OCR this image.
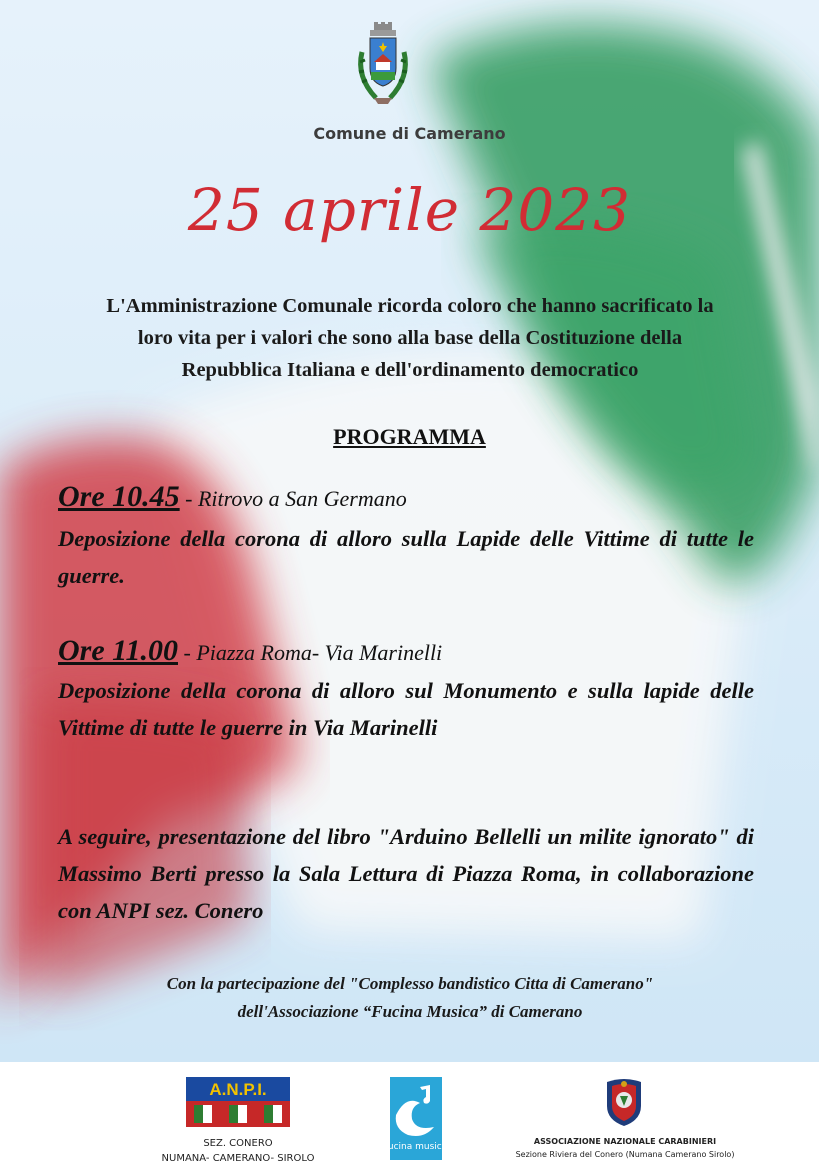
Comune di Camerano
25 aprile 2023
L'Amministrazione Comunale ricorda coloro che hanno sacrificato la
loro vita per i valori che sono alla base della Costituzione della
Repubblica Italiana e dell'ordinamento democratico
PROGRAMMA
Ore 10.45 - Ritrovo a San Germano
Deposizione della corona di alloro sulla Lapide delle Vittime di tutte le guerre.
Ore 11.00 - Piazza Roma- Via Marinelli
Deposizione della corona di alloro sul Monumento e sulla lapide delle Vittime di tutte le guerre in Via Marinelli
A seguire, presentazione del libro "Arduino Bellelli un milite ignorato" di Massimo Berti presso la Sala Lettura di Piazza Roma, in collaborazione con ANPI sez. Conero
Con la partecipazione del "Complesso bandistico Citta di Camerano"
dell'Associazione “Fucina Musica” di Camerano
A.N.P.I.
SEZ. CONERO
NUMANA- CAMERANO- SIROLO
fucina musica
ASSOCIAZIONE NAZIONALE CARABINIERI
Sezione Riviera del Conero (Numana Camerano Sirolo)
